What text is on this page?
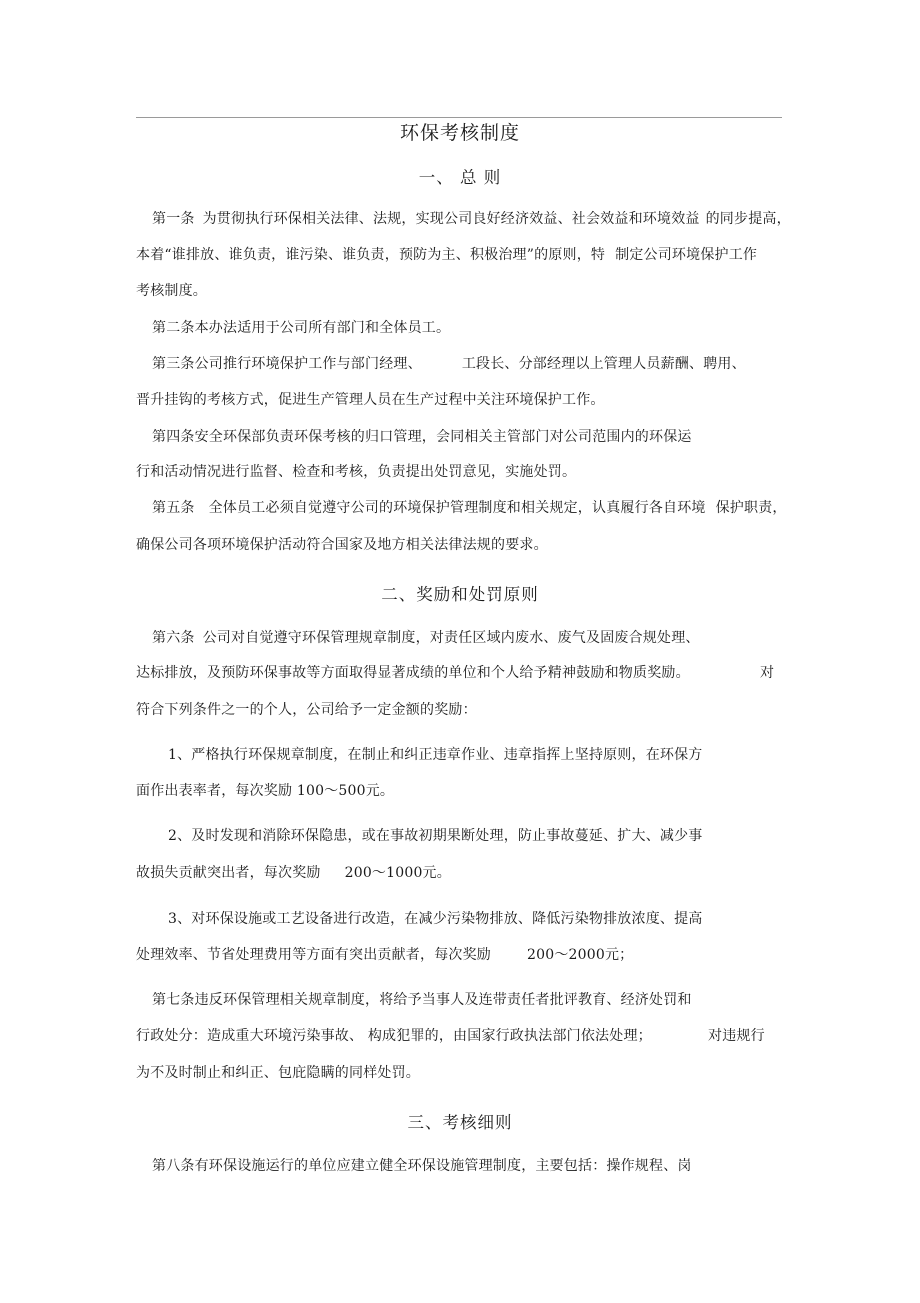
环保考核制度
一、 总 则
第一条 为贯彻执行环保相关法律、法规，实现公司良好经济效益、社会效益和环境效益 的同步提高，
本着“谁排放、谁负责，谁污染、谁负责，预防为主、积极治理”的原则，特 制定公司环境保护工作
考核制度。
第二条本办法适用于公司所有部门和全体员工。
第三条公司推行环境保护工作与部门经理、	工段长、分部经理以上管理人员薪酬、聘用、
晋升挂钩的考核方式，促进生产管理人员在生产过程中关注环境保护工作。
第四条安全环保部负责环保考核的归口管理，会同相关主管部门对公司范围内的环保运
行和活动情况进行监督、检查和考核，负责提出处罚意见，实施处罚。
第五条 全体员工必须自觉遵守公司的环境保护管理制度和相关规定，认真履行各自环境 保护职责，
确保公司各项环境保护活动符合国家及地方相关法律法规的要求。
二、奖励和处罚原则
第六条 公司对自觉遵守环保管理规章制度，对责任区域内废水、废气及固废合规处理、
达标排放，及预防环保事故等方面取得显著成绩的单位和个人给予精神鼓励和物质奖励。	对
符合下列条件之一的个人，公司给予一定金额的奖励：
1、严格执行环保规章制度，在制止和纠正违章作业、违章指挥上坚持原则，在环保方
面作出表率者，每次奖励 100～500元。
2、及时发现和消除环保隐患，或在事故初期果断处理，防止事故蔓延、扩大、减少事
故损失贡献突出者，每次奖励 200～1000元。
3、对环保设施或工艺设备进行改造，在减少污染物排放、降低污染物排放浓度、提高
处理效率、节省处理费用等方面有突出贡献者，每次奖励	200～2000元；
第七条违反环保管理相关规章制度，将给予当事人及连带责任者批评教育、经济处罚和
行政处分：造成重大环境污染事故、 构成犯罪的，由国家行政执法部门依法处理；	对违规行
为不及时制止和纠正、包庇隐瞒的同样处罚。
三、考核细则
第八条有环保设施运行的单位应建立健全环保设施管理制度，主要包括：操作规程、岗
